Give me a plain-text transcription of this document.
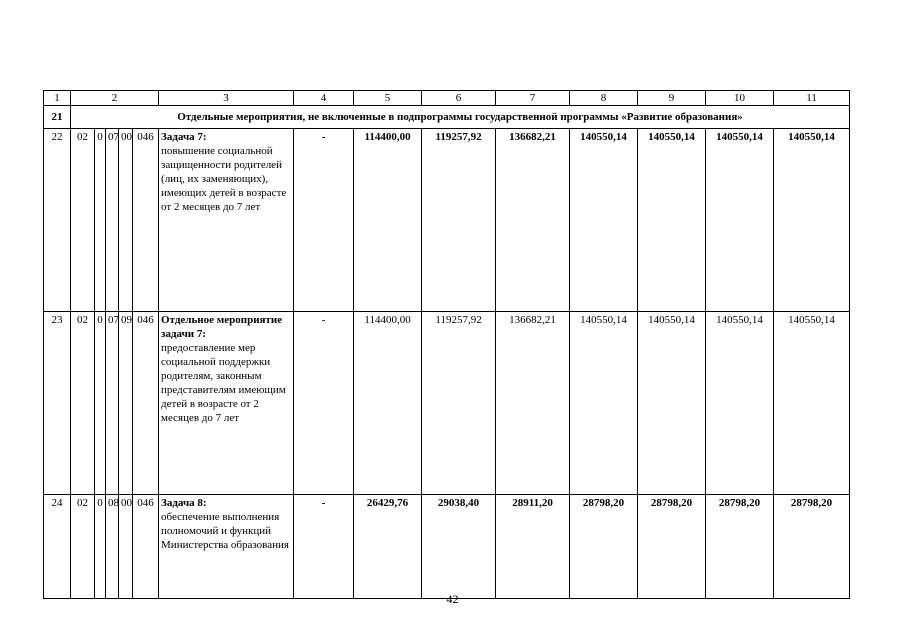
1	2					3	4	5	6	7	8	9	10	11
21	Отдельные мероприятия, не включенные в подпрограммы государственной программы «Развитие образования»													
22	02	0	07	00	046	Задача 7:
повышение социальной защищенности родителей (лиц, их заменяющих), имеющих детей в возрасте от 2 месяцев до 7 лет	-	114400,00	119257,92	136682,21	140550,14	140550,14	140550,14	140550,14
23	02	0	07	09	046	Отдельное мероприятие задачи 7:
предоставление мер социальной поддержки родителям, законным представителям имеющим детей в возрасте от 2 месяцев до 7 лет	-	114400,00	119257,92	136682,21	140550,14	140550,14	140550,14	140550,14
24	02	0	08	00	046	Задача 8:
обеспечение выполнения полномочий и функций Министерства образования	-	26429,76	29038,40	28911,20	28798,20	28798,20	28798,20	28798,20
42
